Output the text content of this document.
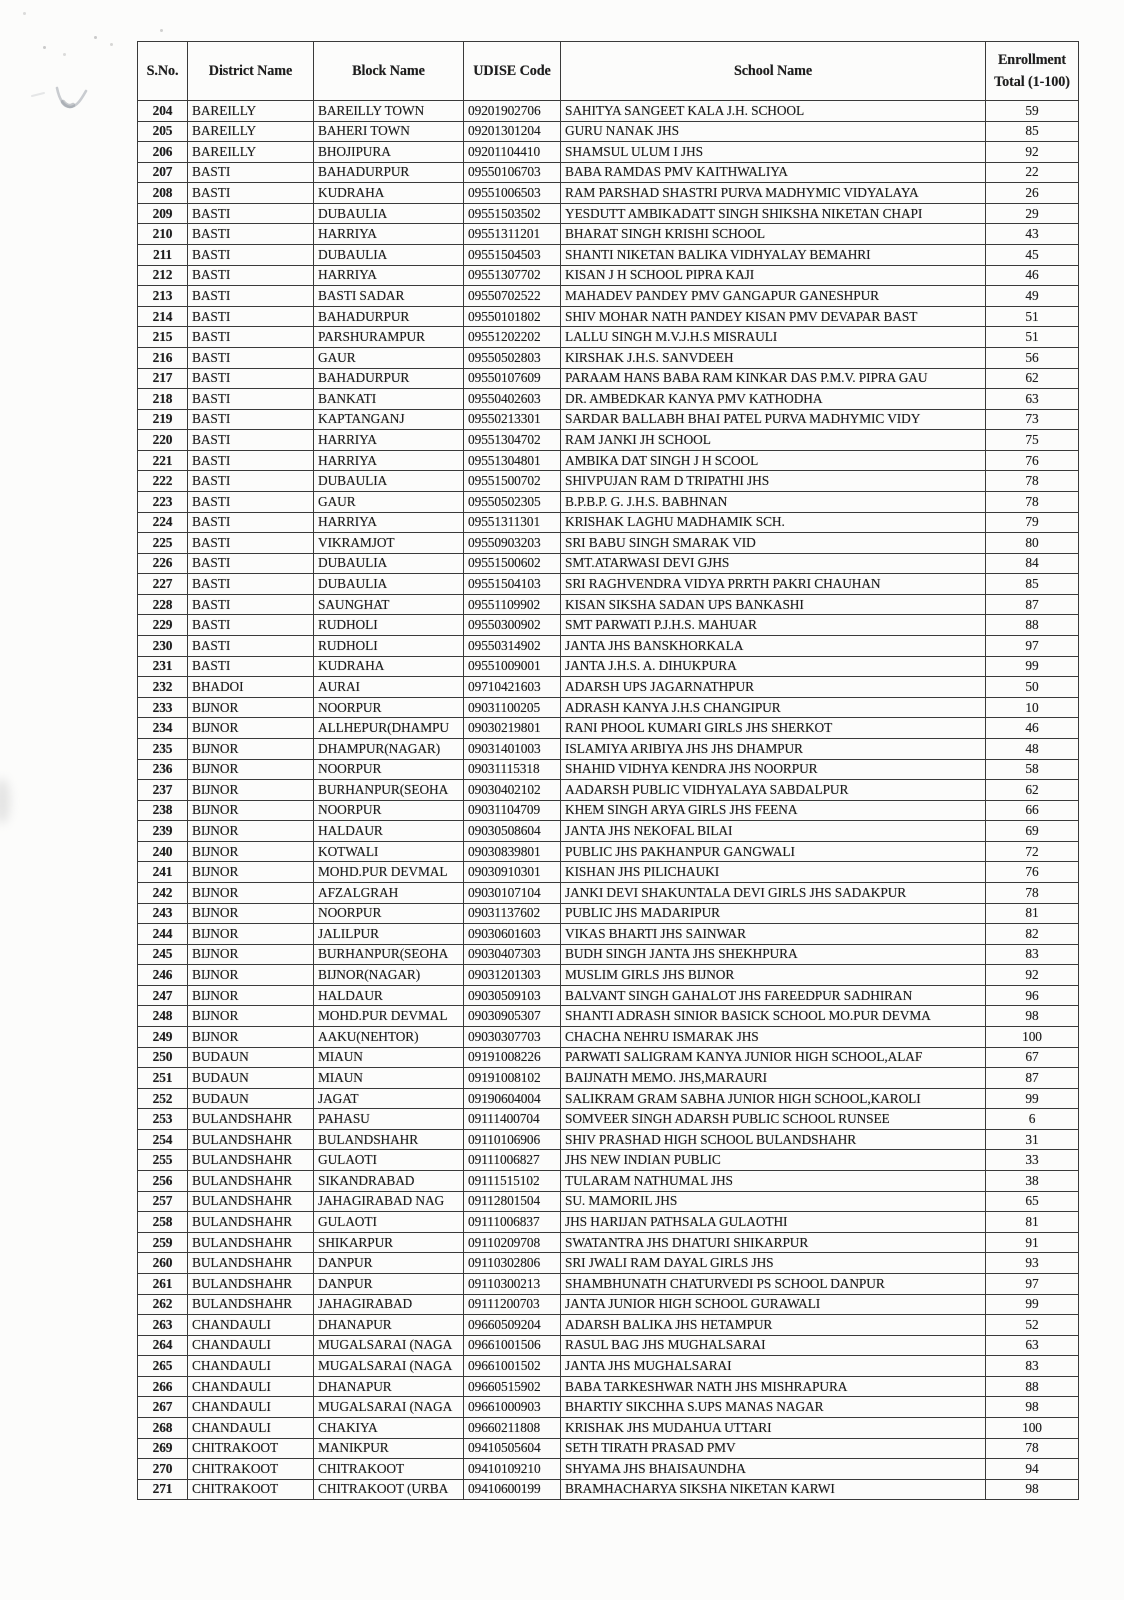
S.No.	District Name	Block Name	UDISE Code	School Name	Enrollment Total (1-100)
204	BAREILLY	BAREILLY TOWN	09201902706	SAHITYA SANGEET KALA J.H. SCHOOL	59
205	BAREILLY	BAHERI TOWN	09201301204	GURU NANAK JHS	85
206	BAREILLY	BHOJIPURA	09201104410	SHAMSUL ULUM I JHS	92
207	BASTI	BAHADURPUR	09550106703	BABA RAMDAS PMV KAITHWALIYA	22
208	BASTI	KUDRAHA	09551006503	RAM PARSHAD SHASTRI PURVA MADHYMIC VIDYALAYA	26
209	BASTI	DUBAULIA	09551503502	YESDUTT AMBIKADATT SINGH SHIKSHA NIKETAN CHAPI	29
210	BASTI	HARRIYA	09551311201	BHARAT SINGH KRISHI SCHOOL	43
211	BASTI	DUBAULIA	09551504503	SHANTI NIKETAN BALIKA VIDHYALAY BEMAHRI	45
212	BASTI	HARRIYA	09551307702	KISAN J H SCHOOL PIPRA KAJI	46
213	BASTI	BASTI SADAR	09550702522	MAHADEV PANDEY PMV GANGAPUR GANESHPUR	49
214	BASTI	BAHADURPUR	09550101802	SHIV MOHAR NATH PANDEY KISAN PMV DEVAPAR BAST	51
215	BASTI	PARSHURAMPUR	09551202202	LALLU SINGH M.V.J.H.S MISRAULI	51
216	BASTI	GAUR	09550502803	KIRSHAK J.H.S. SANVDEEH	56
217	BASTI	BAHADURPUR	09550107609	PARAAM HANS BABA RAM KINKAR DAS P.M.V. PIPRA GAU	62
218	BASTI	BANKATI	09550402603	DR. AMBEDKAR KANYA PMV KATHODHA	63
219	BASTI	KAPTANGANJ	09550213301	SARDAR BALLABH BHAI PATEL PURVA MADHYMIC VIDY	73
220	BASTI	HARRIYA	09551304702	RAM JANKI JH SCHOOL	75
221	BASTI	HARRIYA	09551304801	AMBIKA DAT SINGH J H SCOOL	76
222	BASTI	DUBAULIA	09551500702	SHIVPUJAN RAM D TRIPATHI JHS	78
223	BASTI	GAUR	09550502305	B.P.B.P. G. J.H.S. BABHNAN	78
224	BASTI	HARRIYA	09551311301	KRISHAK LAGHU MADHAMIK SCH.	79
225	BASTI	VIKRAMJOT	09550903203	SRI BABU SINGH SMARAK VID	80
226	BASTI	DUBAULIA	09551500602	SMT.ATARWASI DEVI GJHS	84
227	BASTI	DUBAULIA	09551504103	SRI RAGHVENDRA VIDYA PRRTH PAKRI CHAUHAN	85
228	BASTI	SAUNGHAT	09551109902	KISAN SIKSHA SADAN UPS BANKASHI	87
229	BASTI	RUDHOLI	09550300902	SMT PARWATI P.J.H.S. MAHUAR	88
230	BASTI	RUDHOLI	09550314902	JANTA JHS BANSKHORKALA	97
231	BASTI	KUDRAHA	09551009001	JANTA J.H.S. A. DIHUKPURA	99
232	BHADOI	AURAI	09710421603	ADARSH UPS JAGARNATHPUR	50
233	BIJNOR	NOORPUR	09031100205	ADRASH KANYA J.H.S CHANGIPUR	10
234	BIJNOR	ALLHEPUR(DHAMPU	09030219801	RANI PHOOL KUMARI GIRLS JHS SHERKOT	46
235	BIJNOR	DHAMPUR(NAGAR)	09031401003	ISLAMIYA ARIBIYA JHS JHS DHAMPUR	48
236	BIJNOR	NOORPUR	09031115318	SHAHID VIDHYA KENDRA JHS NOORPUR	58
237	BIJNOR	BURHANPUR(SEOHA	09030402102	AADARSH PUBLIC VIDHYALAYA SABDALPUR	62
238	BIJNOR	NOORPUR	09031104709	KHEM SINGH ARYA GIRLS JHS FEENA	66
239	BIJNOR	HALDAUR	09030508604	JANTA JHS NEKOFAL BILAI	69
240	BIJNOR	KOTWALI	09030839801	PUBLIC JHS PAKHANPUR GANGWALI	72
241	BIJNOR	MOHD.PUR DEVMAL	09030910301	KISHAN JHS PILICHAUKI	76
242	BIJNOR	AFZALGRAH	09030107104	JANKI DEVI SHAKUNTALA DEVI GIRLS JHS SADAKPUR	78
243	BIJNOR	NOORPUR	09031137602	PUBLIC JHS MADARIPUR	81
244	BIJNOR	JALILPUR	09030601603	VIKAS BHARTI JHS SAINWAR	82
245	BIJNOR	BURHANPUR(SEOHA	09030407303	BUDH SINGH JANTA JHS SHEKHPURA	83
246	BIJNOR	BIJNOR(NAGAR)	09031201303	MUSLIM GIRLS JHS BIJNOR	92
247	BIJNOR	HALDAUR	09030509103	BALVANT SINGH GAHALOT JHS FAREEDPUR SADHIRAN	96
248	BIJNOR	MOHD.PUR DEVMAL	09030905307	SHANTI ADRASH SINIOR BASICK SCHOOL MO.PUR DEVMA	98
249	BIJNOR	AAKU(NEHTOR)	09030307703	CHACHA NEHRU ISMARAK JHS	100
250	BUDAUN	MIAUN	09191008226	PARWATI SALIGRAM KANYA JUNIOR HIGH SCHOOL,ALAF	67
251	BUDAUN	MIAUN	09191008102	BAIJNATH MEMO. JHS,MARAURI	87
252	BUDAUN	JAGAT	09190604004	SALIKRAM GRAM SABHA JUNIOR HIGH SCHOOL,KAROLI	99
253	BULANDSHAHR	PAHASU	09111400704	SOMVEER SINGH ADARSH PUBLIC SCHOOL RUNSEE	6
254	BULANDSHAHR	BULANDSHAHR	09110106906	SHIV PRASHAD HIGH SCHOOL BULANDSHAHR	31
255	BULANDSHAHR	GULAOTI	09111006827	JHS NEW INDIAN PUBLIC	33
256	BULANDSHAHR	SIKANDRABAD	09111515102	TULARAM NATHUMAL JHS	38
257	BULANDSHAHR	JAHAGIRABAD NAG	09112801504	SU. MAMORIL JHS	65
258	BULANDSHAHR	GULAOTI	09111006837	JHS HARIJAN PATHSALA GULAOTHI	81
259	BULANDSHAHR	SHIKARPUR	09110209708	SWATANTRA JHS DHATURI SHIKARPUR	91
260	BULANDSHAHR	DANPUR	09110302806	SRI JWALI RAM DAYAL GIRLS JHS	93
261	BULANDSHAHR	DANPUR	09110300213	SHAMBHUNATH CHATURVEDI PS SCHOOL DANPUR	97
262	BULANDSHAHR	JAHAGIRABAD	09111200703	JANTA JUNIOR HIGH SCHOOL GURAWALI	99
263	CHANDAULI	DHANAPUR	09660509204	ADARSH BALIKA JHS HETAMPUR	52
264	CHANDAULI	MUGALSARAI (NAGA	09661001506	RASUL BAG JHS MUGHALSARAI	63
265	CHANDAULI	MUGALSARAI (NAGA	09661001502	JANTA JHS MUGHALSARAI	83
266	CHANDAULI	DHANAPUR	09660515902	BABA TARKESHWAR NATH JHS MISHRAPURA	88
267	CHANDAULI	MUGALSARAI (NAGA	09661000903	BHARTIY SIKCHHA S.UPS MANAS NAGAR	98
268	CHANDAULI	CHAKIYA	09660211808	KRISHAK JHS MUDAHUA UTTARI	100
269	CHITRAKOOT	MANIKPUR	09410505604	SETH TIRATH PRASAD PMV	78
270	CHITRAKOOT	CHITRAKOOT	09410109210	SHYAMA JHS BHAISAUNDHA	94
271	CHITRAKOOT	CHITRAKOOT (URBA	09410600199	BRAMHACHARYA SIKSHA NIKETAN KARWI	98
